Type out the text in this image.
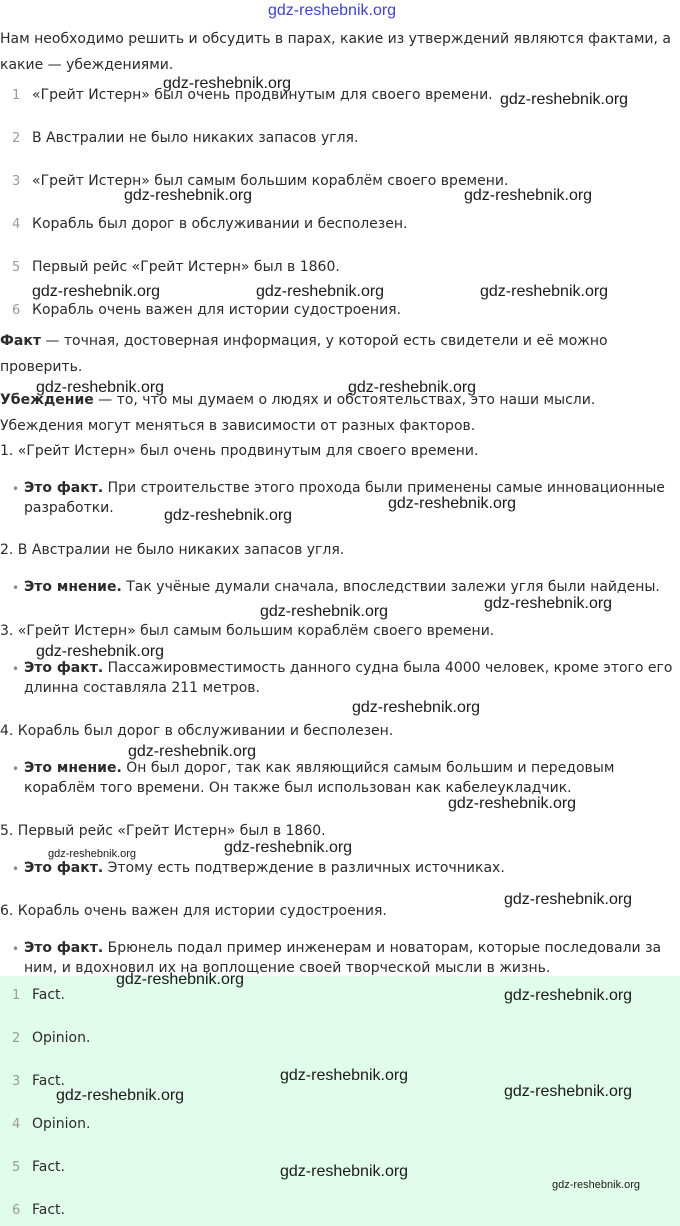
gdz-reshebnik.org
Нам необходимо решить и обсудить в парах, какие из утверждений являются фактами, а какие — убеждениями.
1 «Грейт Истерн» был очень продвинутым для своего времени.
2 В Австралии не было никаких запасов угля.
3 «Грейт Истерн» был самым большим кораблём своего времени.
4 Корабль был дорог в обслуживании и бесполезен.
5 Первый рейс «Грейт Истерн» был в 1860.
6 Корабль очень важен для истории судостроения.
Факт — точная, достоверная информация, у которой есть свидетели и её можно проверить.
Убеждение — то, что мы думаем о людях и обстоятельствах, это наши мысли.
Убеждения могут меняться в зависимости от разных факторов.
1. «Грейт Истерн» был очень продвинутым для своего времени.
• Это факт. При строительстве этого прохода были применены самые инновационные разработки.
2. В Австралии не было никаких запасов угля.
• Это мнение. Так учёные думали сначала, впоследствии залежи угля были найдены.
3. «Грейт Истерн» был самым большим кораблём своего времени.
• Это факт. Пассажировместимость данного судна была 4000 человек, кроме этого его длинна составляла 211 метров.
4. Корабль был дорог в обслуживании и бесполезен.
• Это мнение. Он был дорог, так как являющийся самым большим и передовым кораблём того времени. Он также был использован как кабелеукладчик.
5. Первый рейс «Грейт Истерн» был в 1860.
• Это факт. Этому есть подтверждение в различных источниках.
6. Корабль очень важен для истории судостроения.
• Это факт. Брюнель подал пример инженерам и новаторам, которые последовали за ним, и вдохновил их на воплощение своей творческой мысли в жизнь.
1 Fact.
2 Opinion.
3 Fact.
4 Opinion.
5 Fact.
6 Fact.
gdz-reshebnik.org
gdz-reshebnik.org
gdz-reshebnik.org	gdz-reshebnik.org
gdz-reshebnik.org	gdz-reshebnik.org	gdz-reshebnik.org
gdz-reshebnik.org	gdz-reshebnik.org
gdz-reshebnik.org
gdz-reshebnik.org
gdz-reshebnik.org
gdz-reshebnik.org
gdz-reshebnik.org
gdz-reshebnik.org
gdz-reshebnik.org
gdz-reshebnik.org
gdz-reshebnik.org
gdz-reshebnik.org
gdz-reshebnik.org
gdz-reshebnik.org
gdz-reshebnik.org
gdz-reshebnik.org
gdz-reshebnik.org
gdz-reshebnik.org
gdz-reshebnik.org
gdz-reshebnik.org
